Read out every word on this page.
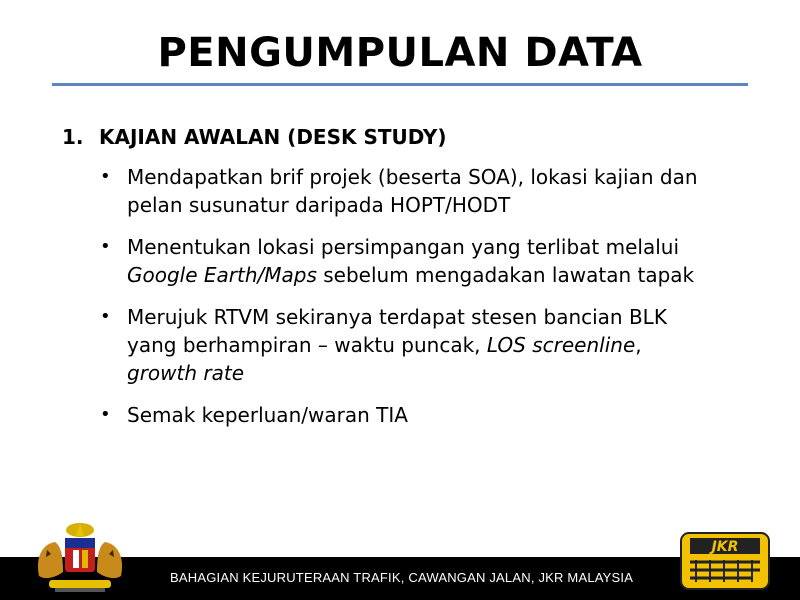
PENGUMPULAN DATA
1. KAJIAN AWALAN (DESK STUDY)
• Mendapatkan brif projek (beserta SOA), lokasi kajian dan
pelan susunatur daripada HOPT/HODT
• Menentukan lokasi persimpangan yang terlibat melalui
Google Earth/Maps sebelum mengadakan lawatan tapak
• Merujuk RTVM sekiranya terdapat stesen bancian BLK
yang berhampiran – waktu puncak, LOS screenline,
growth rate
• Semak keperluan/waran TIA
BAHAGIAN KEJURUTERAAN TRAFIK, CAWANGAN JALAN, JKR MALAYSIA
JKR
